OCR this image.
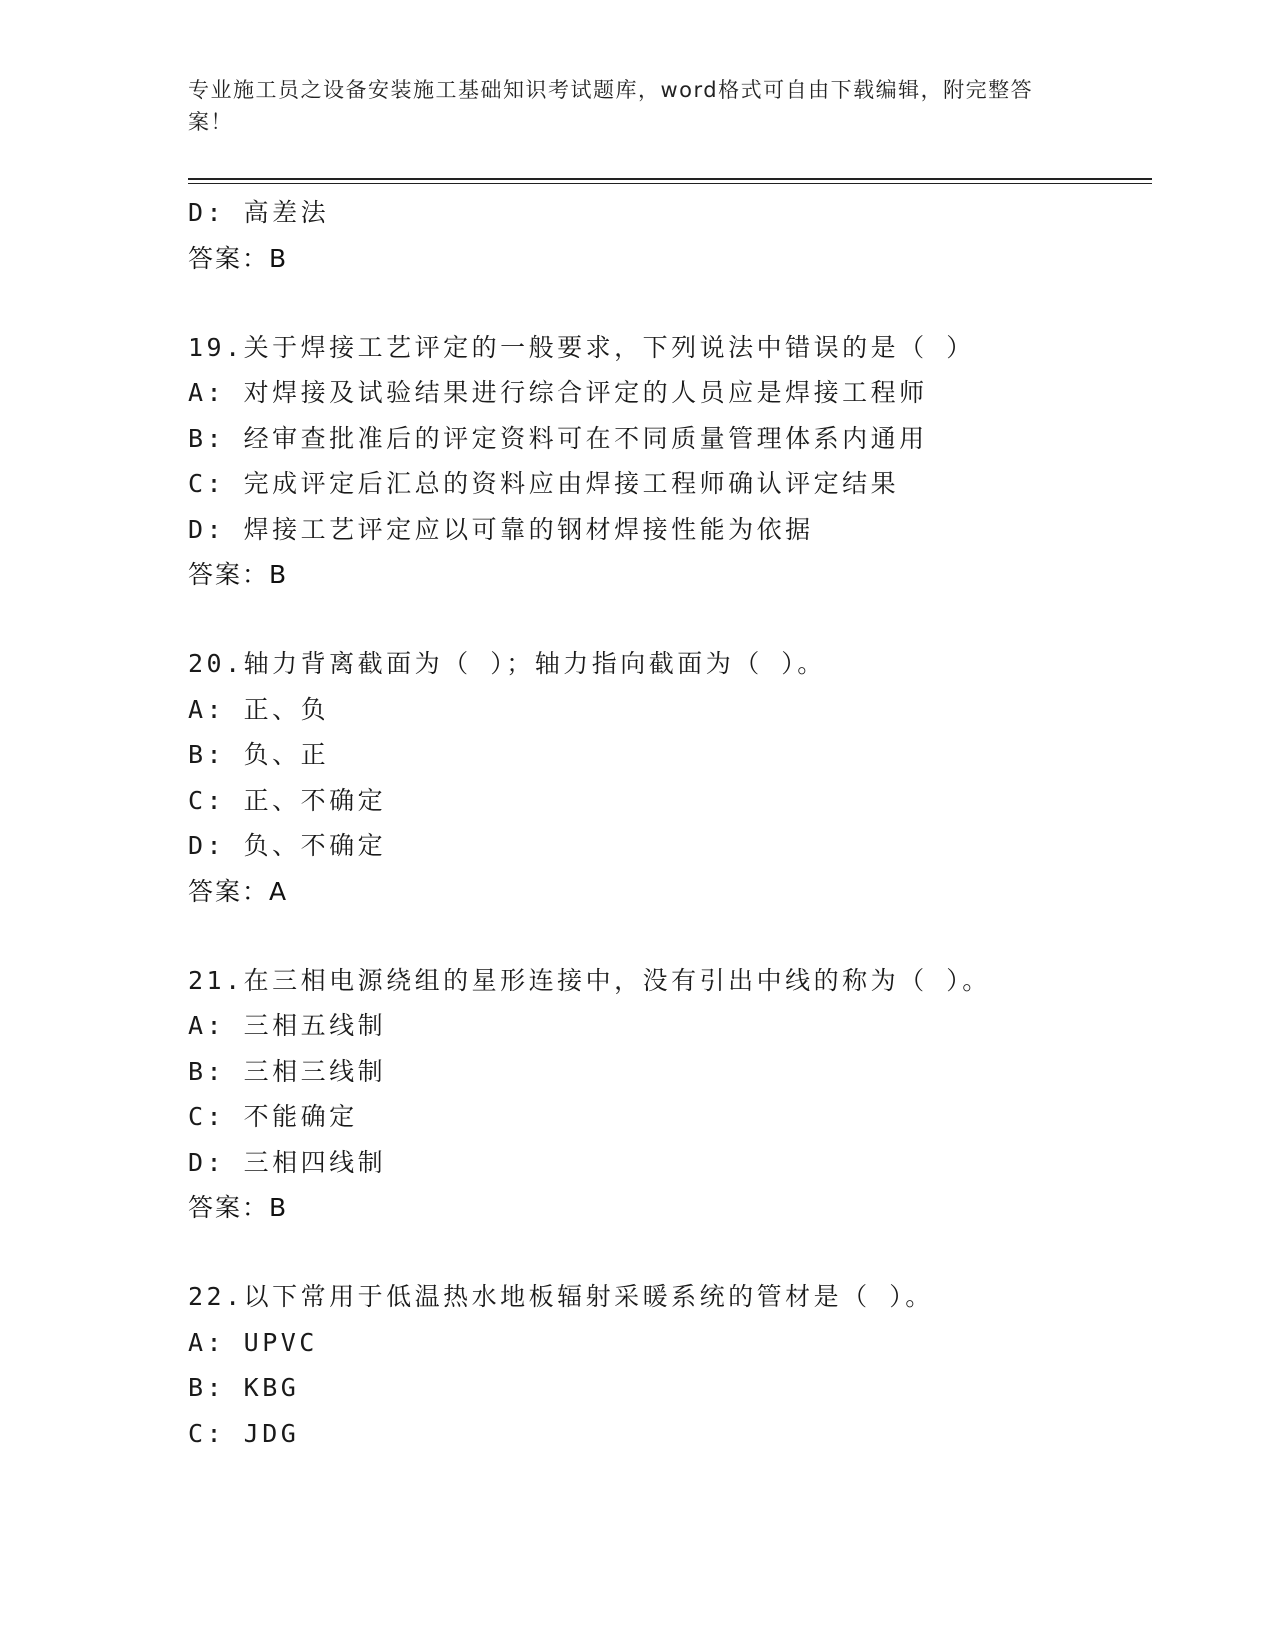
专业施工员之设备安装施工基础知识考试题库，word格式可自由下载编辑，附完整答案！
D: 高差法
答案：B
19.关于焊接工艺评定的一般要求，下列说法中错误的是（ ）
A: 对焊接及试验结果进行综合评定的人员应是焊接工程师
B: 经审查批准后的评定资料可在不同质量管理体系内通用
C: 完成评定后汇总的资料应由焊接工程师确认评定结果
D: 焊接工艺评定应以可靠的钢材焊接性能为依据
答案：B
20.轴力背离截面为（ ）；轴力指向截面为（ ）。
A: 正、负
B: 负、正
C: 正、不确定
D: 负、不确定
答案：A
21.在三相电源绕组的星形连接中，没有引出中线的称为（ ）。
A: 三相五线制
B: 三相三线制
C: 不能确定
D: 三相四线制
答案：B
22.以下常用于低温热水地板辐射采暖系统的管材是（ ）。
A: UPVC
B: KBG
C: JDG
